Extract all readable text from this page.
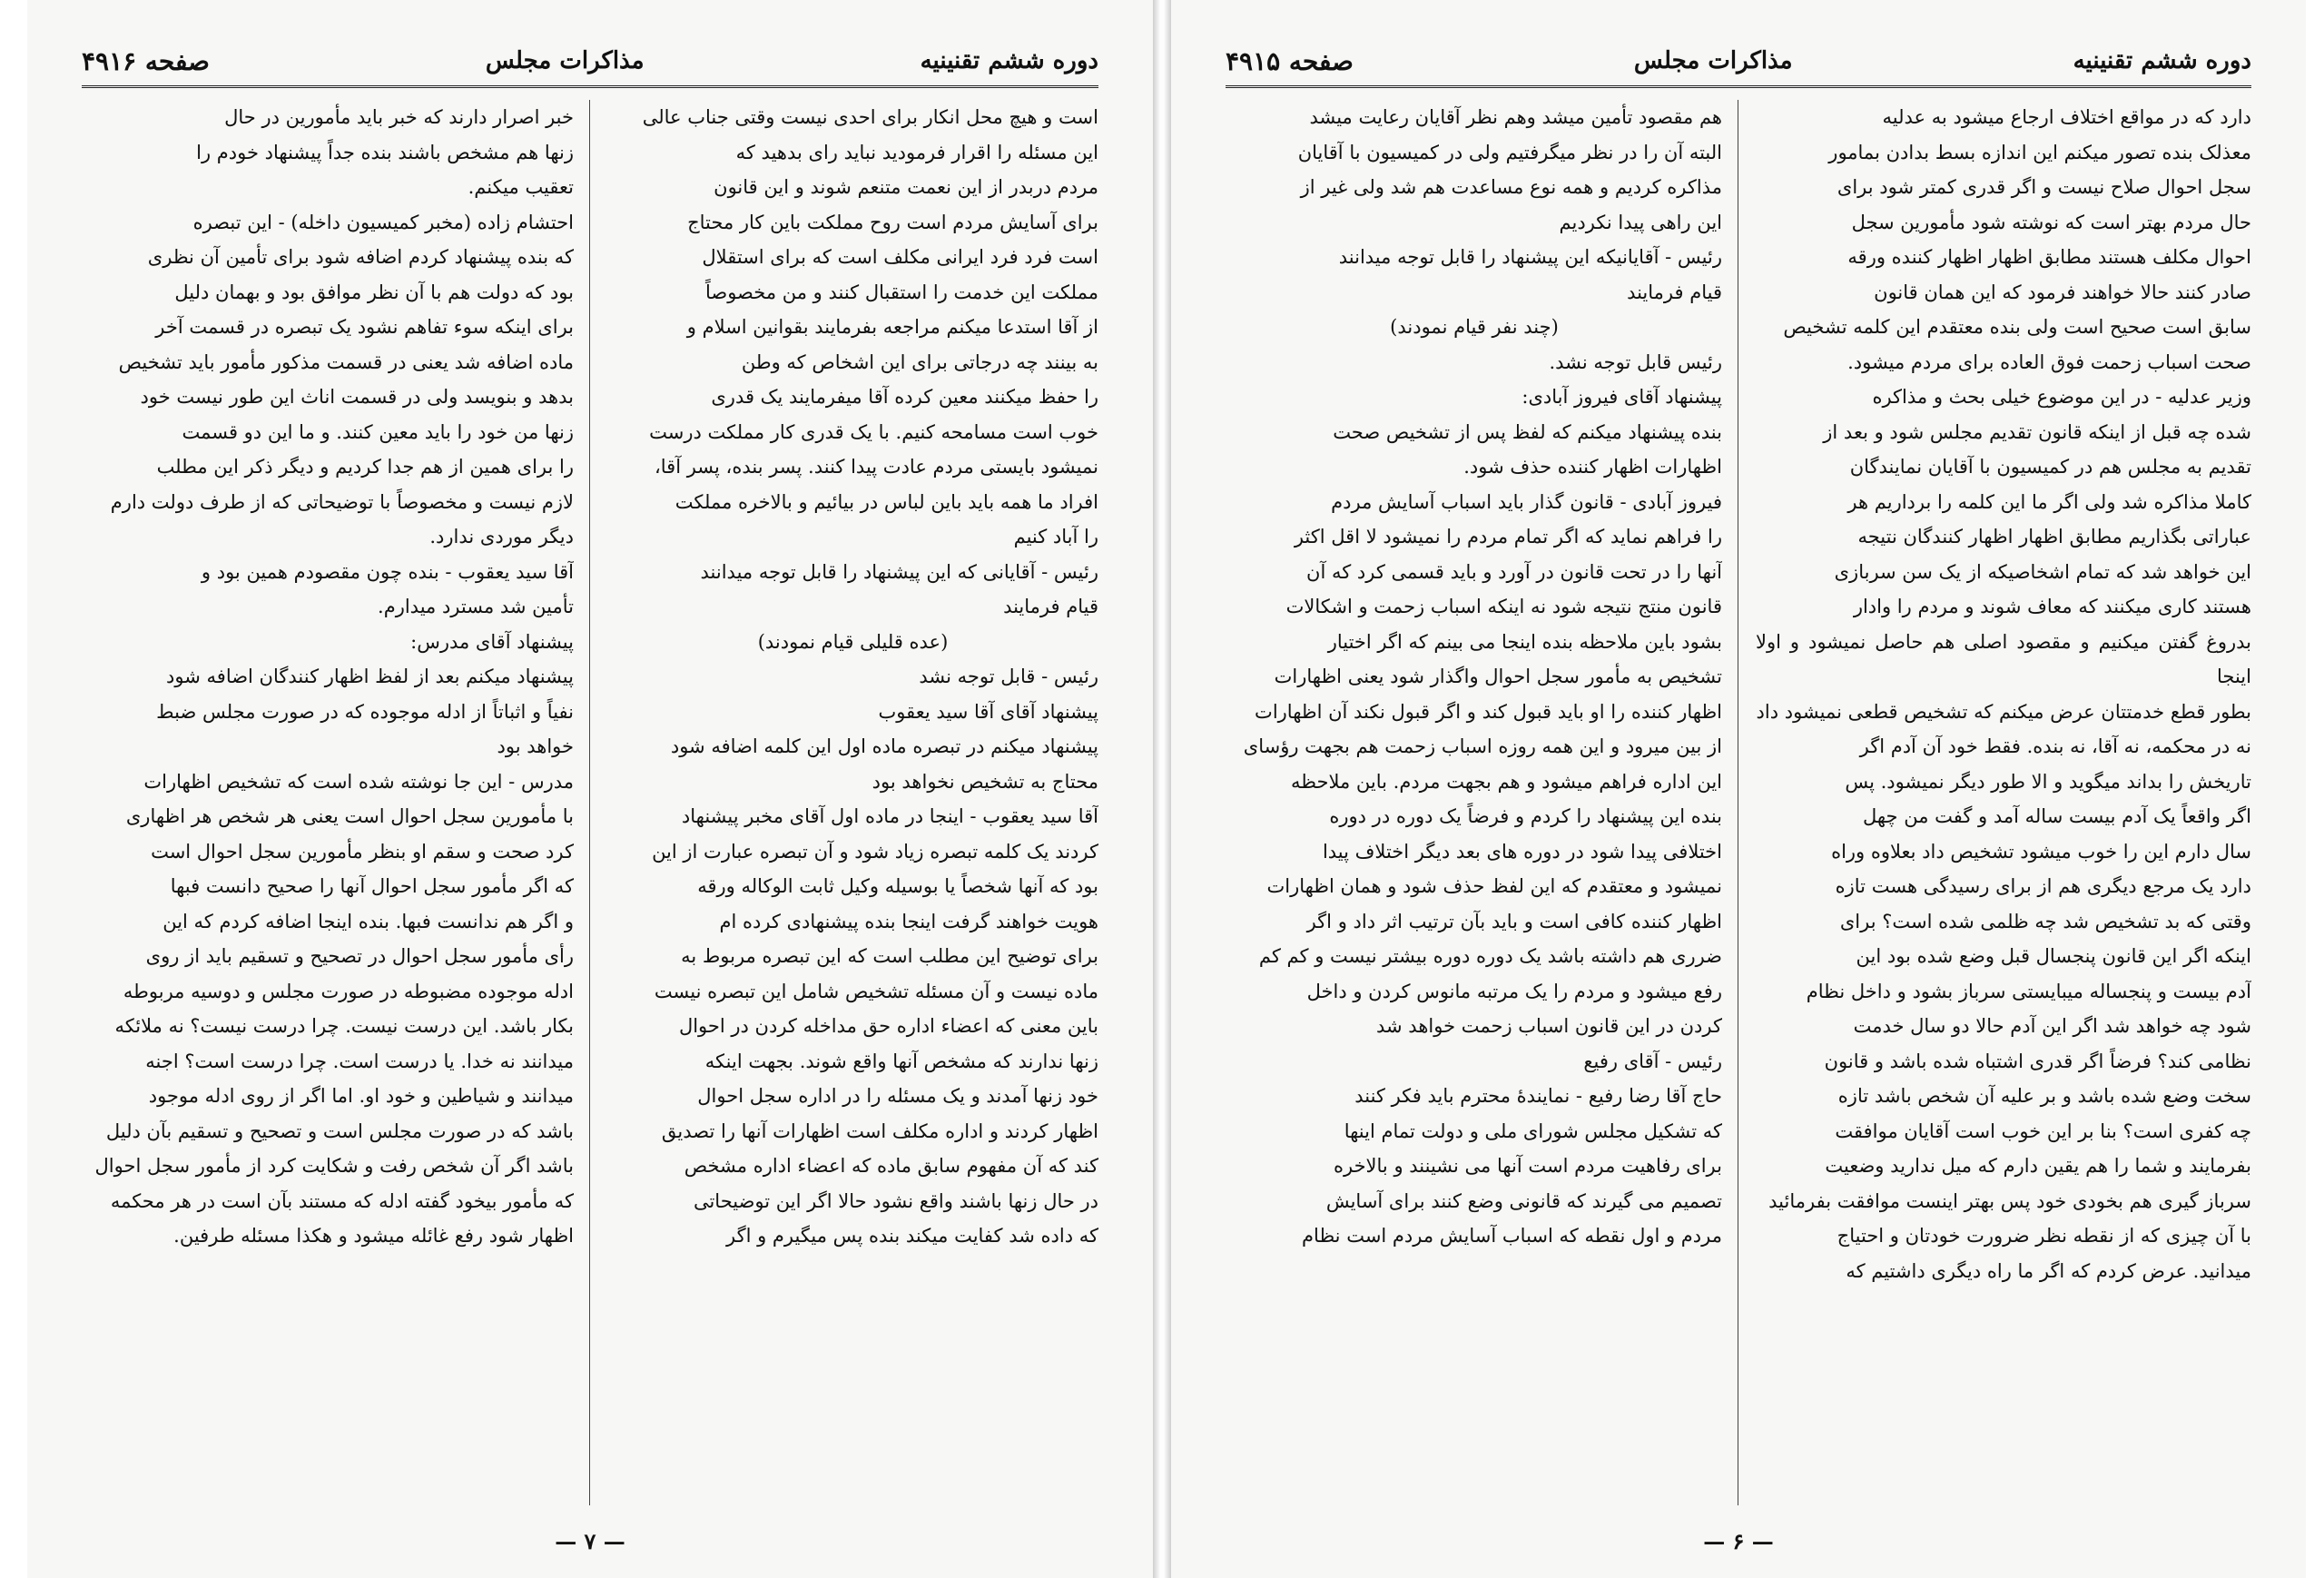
صفحه ۴۹۱۶	مذاکرات مجلس	دوره ششم تقنینیه

است و هیچ محل انکار برای احدی نیست وقتی جناب عالی

این مسئله را اقرار فرمودید نباید رای بدهید که

مردم دربدر از این نعمت متنعم شوند و این قانون

برای آسایش مردم است روح مملکت باین کار محتاج

است فرد فرد ایرانی مکلف است که برای استقلال

مملکت این خدمت را استقبال کنند و من مخصوصاً

از آقا استدعا میکنم مراجعه بفرمایند بقوانین اسلام و

به بینند چه درجاتی برای این اشخاص که وطن

را حفظ میکنند معین کرده آقا میفرمایند یک قدری

خوب است مسامحه کنیم. با یک قدری کار مملکت درست

نمیشود بایستی مردم عادت پیدا کنند. پسر بنده، پسر آقا،

افراد ما همه باید باین لباس در بیائیم و بالاخره مملکت

را آباد کنیم

رئیس - آقایانی که این پیشنهاد را قابل توجه میدانند

قیام فرمایند

(عده قلیلی قیام نمودند)

رئیس - قابل توجه نشد

پیشنهاد آقای آقا سید یعقوب

پیشنهاد میکنم در تبصره ماده اول این کلمه اضافه شود

محتاج به تشخیص نخواهد بود

آقا سید یعقوب - اینجا در ماده اول آقای مخبر پیشنهاد

کردند یک کلمه تبصره زیاد شود و آن تبصره عبارت از این

بود که آنها شخصاً یا بوسیله وکیل ثابت الوکاله ورقه

هویت خواهند گرفت اینجا بنده پیشنهادی کرده ام

برای توضیح این مطلب است که این تبصره مربوط به

ماده نیست و آن مسئله تشخیص شامل این تبصره نیست

باین معنی که اعضاء اداره حق مداخله کردن در احوال

زنها ندارند که مشخص آنها واقع شوند. بجهت اینکه

خود زنها آمدند و یک مسئله را در اداره سجل احوال

اظهار کردند و اداره مکلف است اظهارات آنها را تصدیق

کند که آن مفهوم سابق ماده که اعضاء اداره مشخص

در حال زنها باشند واقع نشود حالا اگر این توضیحاتی

که داده شد کفایت میکند بنده پس میگیرم و اگر

خبر اصرار دارند که خبر باید مأمورین در حال

زنها هم مشخص باشند بنده جداً پیشنهاد خودم را

تعقیب میکنم.

احتشام زاده (مخبر کمیسیون داخله) - این تبصره

که بنده پیشنهاد کردم اضافه شود برای تأمین آن نظری

بود که دولت هم با آن نظر موافق بود و بهمان دلیل

برای اینکه سوء تفاهم نشود یک تبصره در قسمت آخر

ماده اضافه شد یعنی در قسمت مذکور مأمور باید تشخیص

بدهد و بنویسد ولی در قسمت اناث این طور نیست خود

زنها من خود را باید معین کنند. و ما این دو قسمت

را برای همین از هم جدا کردیم و دیگر ذکر این مطلب

لازم نیست و مخصوصاً با توضیحاتی که از طرف دولت دارم

دیگر موردی ندارد.

آقا سید یعقوب - بنده چون مقصودم همین بود و

تأمین شد مسترد میدارم.

پیشنهاد آقای مدرس:

پیشنهاد میکنم بعد از لفظ اظهار کنندگان اضافه شود

نفیاً و اثباتاً از ادله موجوده که در صورت مجلس ضبط

خواهد بود

مدرس - این جا نوشته شده است که تشخیص اظهارات

با مأمورین سجل احوال است یعنی هر شخص هر اظهاری

کرد صحت و سقم او بنظر مأمورین سجل احوال است

که اگر مأمور سجل احوال آنها را صحیح دانست فبها

و اگر هم ندانست فبها. بنده اینجا اضافه کردم که این

رأی مأمور سجل احوال در تصحیح و تسقیم باید از روی

ادله موجوده مضبوطه در صورت مجلس و دوسیه مربوطه

بکار باشد. این درست نیست. چرا درست نیست؟ نه ملائکه

میدانند نه خدا. یا درست است. چرا درست است؟ اجنه

میدانند و شیاطین و خود او. اما اگر از روی ادله موجود

باشد که در صورت مجلس است و تصحیح و تسقیم بآن دلیل

باشد اگر آن شخص رفت و شکایت کرد از مأمور سجل احوال

که مأمور بیخود گفته ادله که مستند بآن است در هر محکمه

اظهار شود رفع غائله میشود و هکذا مسئله طرفین.

— ۷ —
صفحه ۴۹۱۵	مذاکرات مجلس	دوره ششم تقنینیه

دارد که در مواقع اختلاف ارجاع میشود به عدلیه

معذلک بنده تصور میکنم این اندازه بسط بدادن بمامور

سجل احوال صلاح نیست و اگر قدری کمتر شود برای

حال مردم بهتر است که نوشته شود مأمورین سجل

احوال مکلف هستند مطابق اظهار اظهار کننده ورقه

صادر کنند حالا خواهند فرمود که این همان قانون

سابق است صحیح است ولی بنده معتقدم این کلمه تشخیص

صحت اسباب زحمت فوق العاده برای مردم میشود.

وزیر عدلیه - در این موضوع خیلی بحث و مذاکره

شده چه قبل از اینکه قانون تقدیم مجلس شود و بعد از

تقدیم به مجلس هم در کمیسیون با آقایان نمایندگان

کاملا مذاکره شد ولی اگر ما این کلمه را برداریم هر

عباراتی بگذاریم مطابق اظهار اظهار کنندگان نتیجه

این خواهد شد که تمام اشخاصیکه از یک سن سربازی

هستند کاری میکنند که معاف شوند و مردم را وادار

بدروغ گفتن میکنیم و مقصود اصلی هم حاصل نمیشود و اولا اینجا

بطور قطع خدمتتان عرض میکنم که تشخیص قطعی نمیشود داد

نه در محکمه، نه آقا، نه بنده. فقط خود آن آدم اگر

تاریخش را بداند میگوید و الا طور دیگر نمیشود. پس

اگر واقعاً یک آدم بیست ساله آمد و گفت من چهل

سال دارم این را خوب میشود تشخیص داد بعلاوه وراه

دارد یک مرجع دیگری هم از برای رسیدگی هست تازه

وقتی که بد تشخیص شد چه ظلمی شده است؟ برای

اینکه اگر این قانون پنجسال قبل وضع شده بود این

آدم بیست و پنجساله میبایستی سرباز بشود و داخل نظام

شود چه خواهد شد اگر این آدم حالا دو سال خدمت

نظامی کند؟ فرضاً اگر قدری اشتباه شده باشد و قانون

سخت وضع شده باشد و بر علیه آن شخص باشد تازه

چه کفری است؟ بنا بر این خوب است آقایان موافقت

بفرمایند و شما را هم یقین دارم که میل ندارید وضعیت

سرباز گیری هم بخودی خود پس بهتر اینست موافقت بفرمائید

با آن چیزی که از نقطه نظر ضرورت خودتان و احتیاج

میدانید. عرض کردم که اگر ما راه دیگری داشتیم که

هم مقصود تأمین میشد وهم نظر آقایان رعایت میشد

البته آن را در نظر میگرفتیم ولی در کمیسیون با آقایان

مذاکره کردیم و همه نوع مساعدت هم شد ولی غیر از

این راهی پیدا نکردیم

رئیس - آقایانیکه این پیشنهاد را قابل توجه میدانند

قیام فرمایند

(چند نفر قیام نمودند)

رئیس قابل توجه نشد.

پیشنهاد آقای فیروز آبادی:

بنده پیشنهاد میکنم که لفظ پس از تشخیص صحت

اظهارات اظهار کننده حذف شود.

فیروز آبادی - قانون گذار باید اسباب آسایش مردم

را فراهم نماید که اگر تمام مردم را نمیشود لا اقل اکثر

آنها را در تحت قانون در آورد و باید قسمی کرد که آن

قانون منتج نتیجه شود نه اینکه اسباب زحمت و اشکالات

بشود باین ملاحظه بنده اینجا می بینم که اگر اختیار

تشخیص به مأمور سجل احوال واگذار شود یعنی اظهارات

اظهار کننده را او باید قبول کند و اگر قبول نکند آن اظهارات

از بین میرود و این همه روزه اسباب زحمت هم بجهت رؤسای

این اداره فراهم میشود و هم بجهت مردم. باین ملاحظه

بنده این پیشنهاد را کردم و فرضاً یک دوره در دوره

اختلافی پیدا شود در دوره های بعد دیگر اختلاف پیدا

نمیشود و معتقدم که این لفظ حذف شود و همان اظهارات

اظهار کننده کافی است و باید بآن ترتیب اثر داد و اگر

ضرری هم داشته باشد یک دوره دوره بیشتر نیست و کم کم

رفع میشود و مردم را یک مرتبه مانوس کردن و داخل

کردن در این قانون اسباب زحمت خواهد شد

رئیس - آقای رفیع

حاج آقا رضا رفیع - نمایندهٔ محترم باید فکر کنند

که تشکیل مجلس شورای ملی و دولت تمام اینها

برای رفاهیت مردم است آنها می نشینند و بالاخره

تصمیم می گیرند که قانونی وضع کنند برای آسایش

مردم و اول نقطه که اسباب آسایش مردم است نظام

— ۶ —
